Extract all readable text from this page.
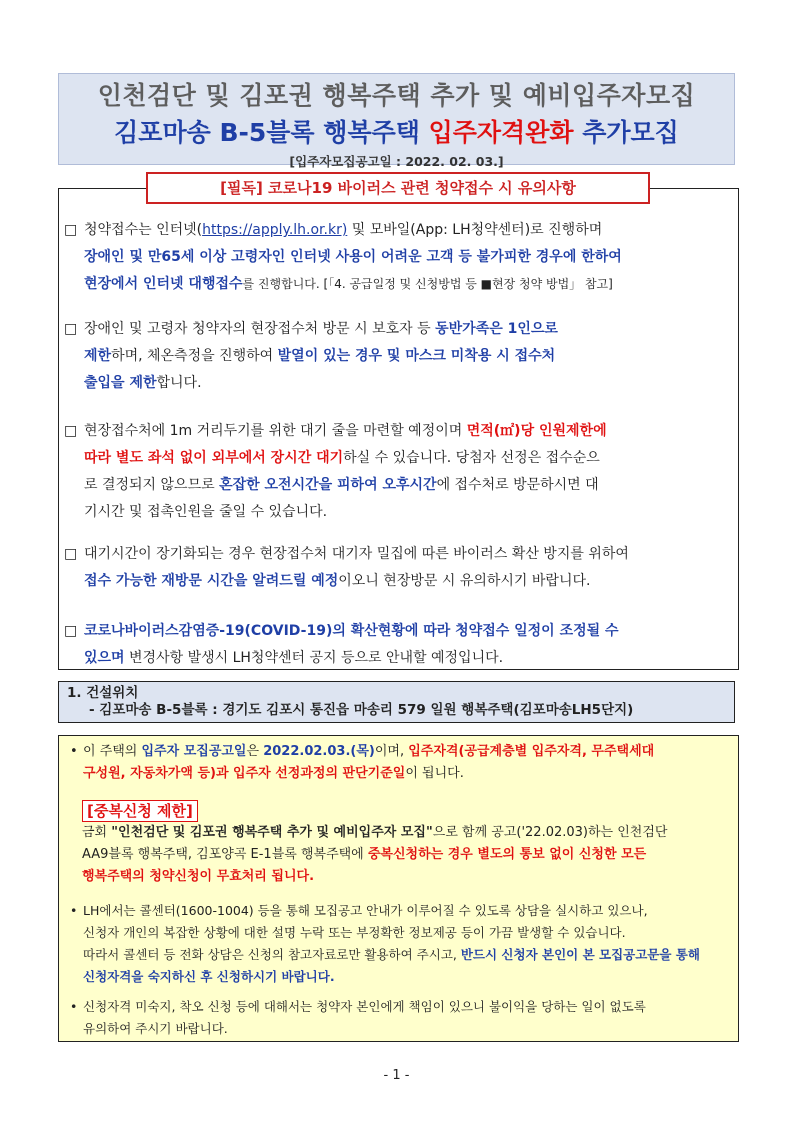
인천검단 및 김포권 행복주택 추가 및 예비입주자모집
김포마송 B-5블록 행복주택 입주자격완화 추가모집
[입주자모집공고일 : 2022. 02. 03.]
[필독] 코로나19 바이러스 관련 청약접수 시 유의사항
□ 청약접수는 인터넷(https://apply.lh.or.kr) 및 모바일(App: LH청약센터)로 진행하며
장애인 및 만65세 이상 고령자인 인터넷 사용이 어려운 고객 등 불가피한 경우에 한하여
현장에서 인터넷 대행접수를 진행합니다. [「4. 공급일정 및 신청방법 등 ■현장 청약 방법」 참고]
□ 장애인 및 고령자 청약자의 현장접수처 방문 시 보호자 등 동반가족은 1인으로
제한하며, 체온측정을 진행하여 발열이 있는 경우 및 마스크 미착용 시 접수처
출입을 제한합니다.
□ 현장접수처에 1m 거리두기를 위한 대기 줄을 마련할 예정이며 면적(㎡)당 인원제한에
따라 별도 좌석 없이 외부에서 장시간 대기하실 수 있습니다. 당첨자 선정은 접수순으
로 결정되지 않으므로 혼잡한 오전시간을 피하여 오후시간에 접수처로 방문하시면 대
기시간 및 접촉인원을 줄일 수 있습니다.
□ 대기시간이 장기화되는 경우 현장접수처 대기자 밀집에 따른 바이러스 확산 방지를 위하여
접수 가능한 재방문 시간을 알려드릴 예정이오니 현장방문 시 유의하시기 바랍니다.
□ 코로나바이러스감염증-19(COVID-19)의 확산현황에 따라 청약접수 일정이 조정될 수
있으며 변경사항 발생시 LH청약센터 공지 등으로 안내할 예정입니다.
1. 건설위치
- 김포마송 B-5블록 : 경기도 김포시 통진읍 마송리 579 일원 행복주택(김포마송LH5단지)
• 이 주택의 입주자 모집공고일은 2022.02.03.(목)이며, 입주자격(공급계층별 입주자격, 무주택세대
구성원, 자동차가액 등)과 입주자 선정과정의 판단기준일이 됩니다.
[중복신청 제한]
금회 "인천검단 및 김포권 행복주택 추가 및 예비입주자 모집"으로 함께 공고('22.02.03)하는 인천검단
AA9블록 행복주택, 김포양곡 E-1블록 행복주택에 중복신청하는 경우 별도의 통보 없이 신청한 모든
행복주택의 청약신청이 무효처리 됩니다.
• LH에서는 콜센터(1600-1004) 등을 통해 모집공고 안내가 이루어질 수 있도록 상담을 실시하고 있으나,
신청자 개인의 복잡한 상황에 대한 설명 누락 또는 부정확한 정보제공 등이 가끔 발생할 수 있습니다.
따라서 콜센터 등 전화 상담은 신청의 참고자료로만 활용하여 주시고, 반드시 신청자 본인이 본 모집공고문을 통해
신청자격을 숙지하신 후 신청하시기 바랍니다.
• 신청자격 미숙지, 착오 신청 등에 대해서는 청약자 본인에게 책임이 있으니 불이익을 당하는 일이 없도록
유의하여 주시기 바랍니다.
- 1 -
